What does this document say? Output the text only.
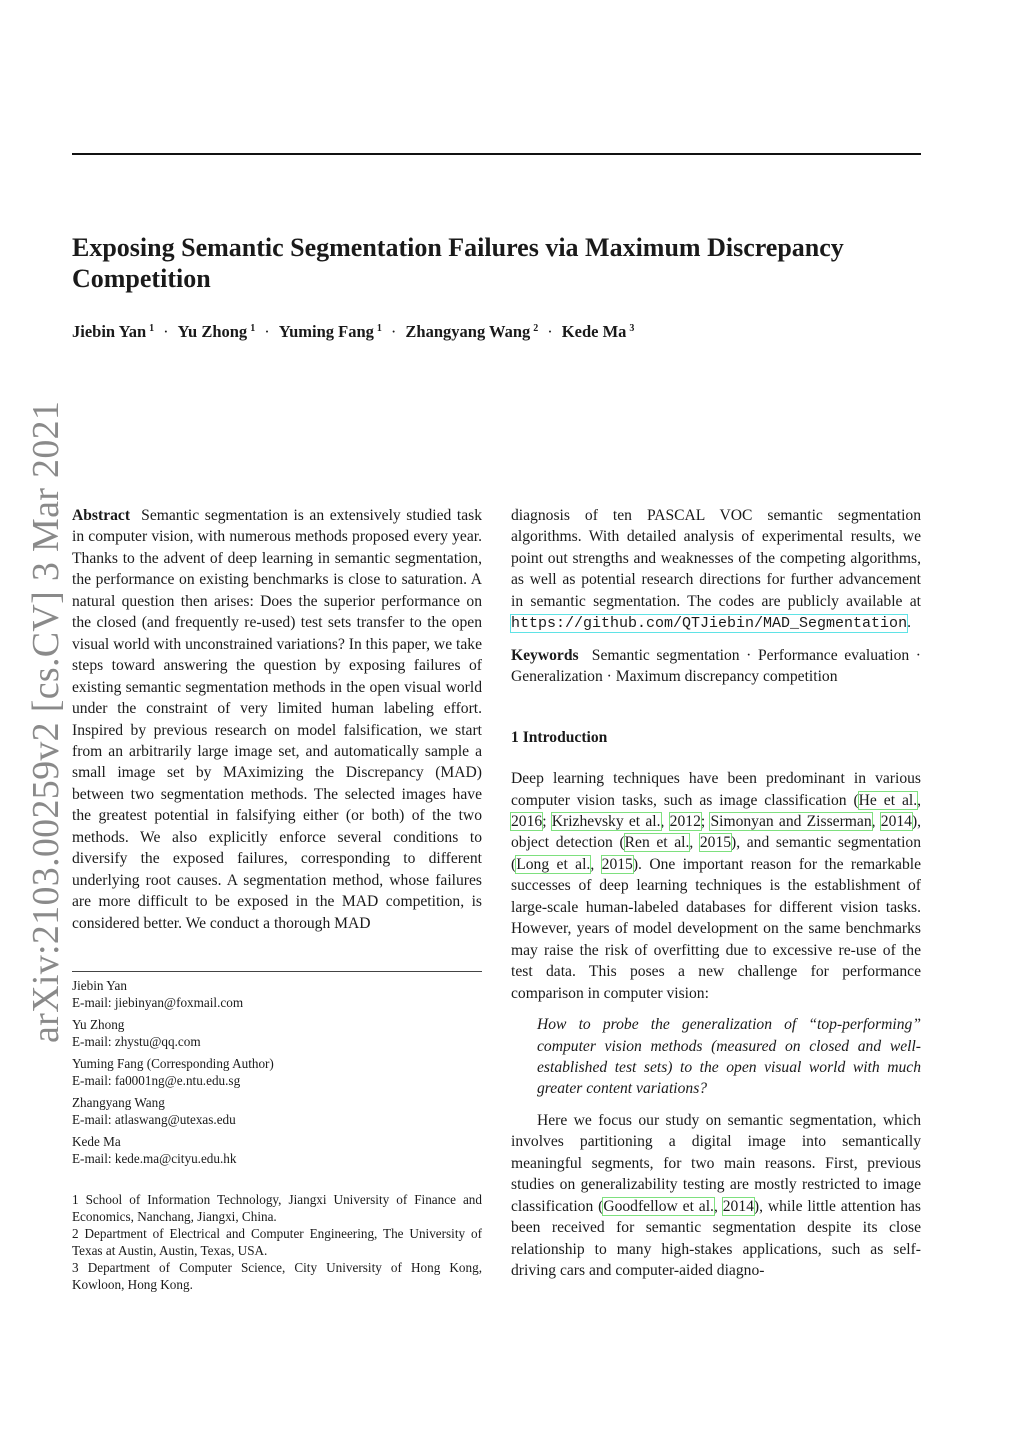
Exposing Semantic Segmentation Failures via Maximum Discrepancy Competition
Jiebin Yan $^1$ · Yu Zhong $^1$ · Yuming Fang $^1$ · Zhangyang Wang $^2$ · Kede Ma $^3$
arXiv:2103.00259v2 [cs.CV] 3 Mar 2021 Abstract Semantic segmentation is an extensively studied task in computer vision, with numerous methods proposed every year. Thanks to the advent of deep learning in semantic segmentation, the performance on existing benchmarks is close to saturation. A natural question then arises: Does the superior performance on the closed (and frequently re-used) test sets transfer to the open visual world with unconstrained variations? In this paper, we take steps toward answering the question by exposing failures of existing semantic segmentation methods in the open visual world under the constraint of very limited human labeling effort. Inspired by previous research on model falsification, we start from an arbitrarily large image set, and automatically sample a small image set by MAximizing the Discrepancy (MAD) between two segmentation methods. The selected images have the greatest potential in falsifying either (or both) of the two methods. We also explicitly enforce several conditions to diversify the exposed failures, corresponding to different underlying root causes. A segmentation method, whose failures are more difficult to be exposed in the MAD competition, is considered better. We conduct a thorough MAD

Jiebin Yan
E-mail: jiebinyan@foxmail.com
Yu Zhong
E-mail: zhystu@qq.com
Yuming Fang (Corresponding Author)
E-mail: fa0001ng@e.ntu.edu.sg
Zhangyang Wang
E-mail: atlaswang@utexas.edu
Kede Ma
E-mail: kede.ma@cityu.edu.hk

1 School of Information Technology, Jiangxi University of Finance and Economics, Nanchang, Jiangxi, China.

2 Department of Electrical and Computer Engineering, The University of Texas at Austin, Austin, Texas, USA.

3 Department of Computer Science, City University of Hong Kong, Kowloon, Hong Kong.

diagnosis of ten PASCAL VOC semantic segmentation algorithms. With detailed analysis of experimental results, we point out strengths and weaknesses of the competing algorithms, as well as potential research directions for further advancement in semantic segmentation. The codes are publicly available at https://github.com/QTJiebin/MAD_Segmentation.

Keywords Semantic segmentation · Performance evaluation · Generalization · Maximum discrepancy competition

1 Introduction

Deep learning techniques have been predominant in various computer vision tasks, such as image classification (He et al., 2016; Krizhevsky et al., 2012; Simonyan and Zisserman, 2014), object detection (Ren et al., 2015), and semantic segmentation (Long et al., 2015). One important reason for the remarkable successes of deep learning techniques is the establishment of large-scale human-labeled databases for different vision tasks. However, years of model development on the same benchmarks may raise the risk of overfitting due to excessive re-use of the test data. This poses a new challenge for performance comparison in computer vision:

How to probe the generalization of “top-performing” computer vision methods (measured on closed and well-established test sets) to the open visual world with much greater content variations?

Here we focus our study on semantic segmentation, which involves partitioning a digital image into semantically meaningful segments, for two main reasons. First, previous studies on generalizability testing are mostly restricted to image classification (Goodfellow et al., 2014), while little attention has been received for semantic segmentation despite its close relationship to many high-stakes applications, such as self-driving cars and computer-aided diagno-
